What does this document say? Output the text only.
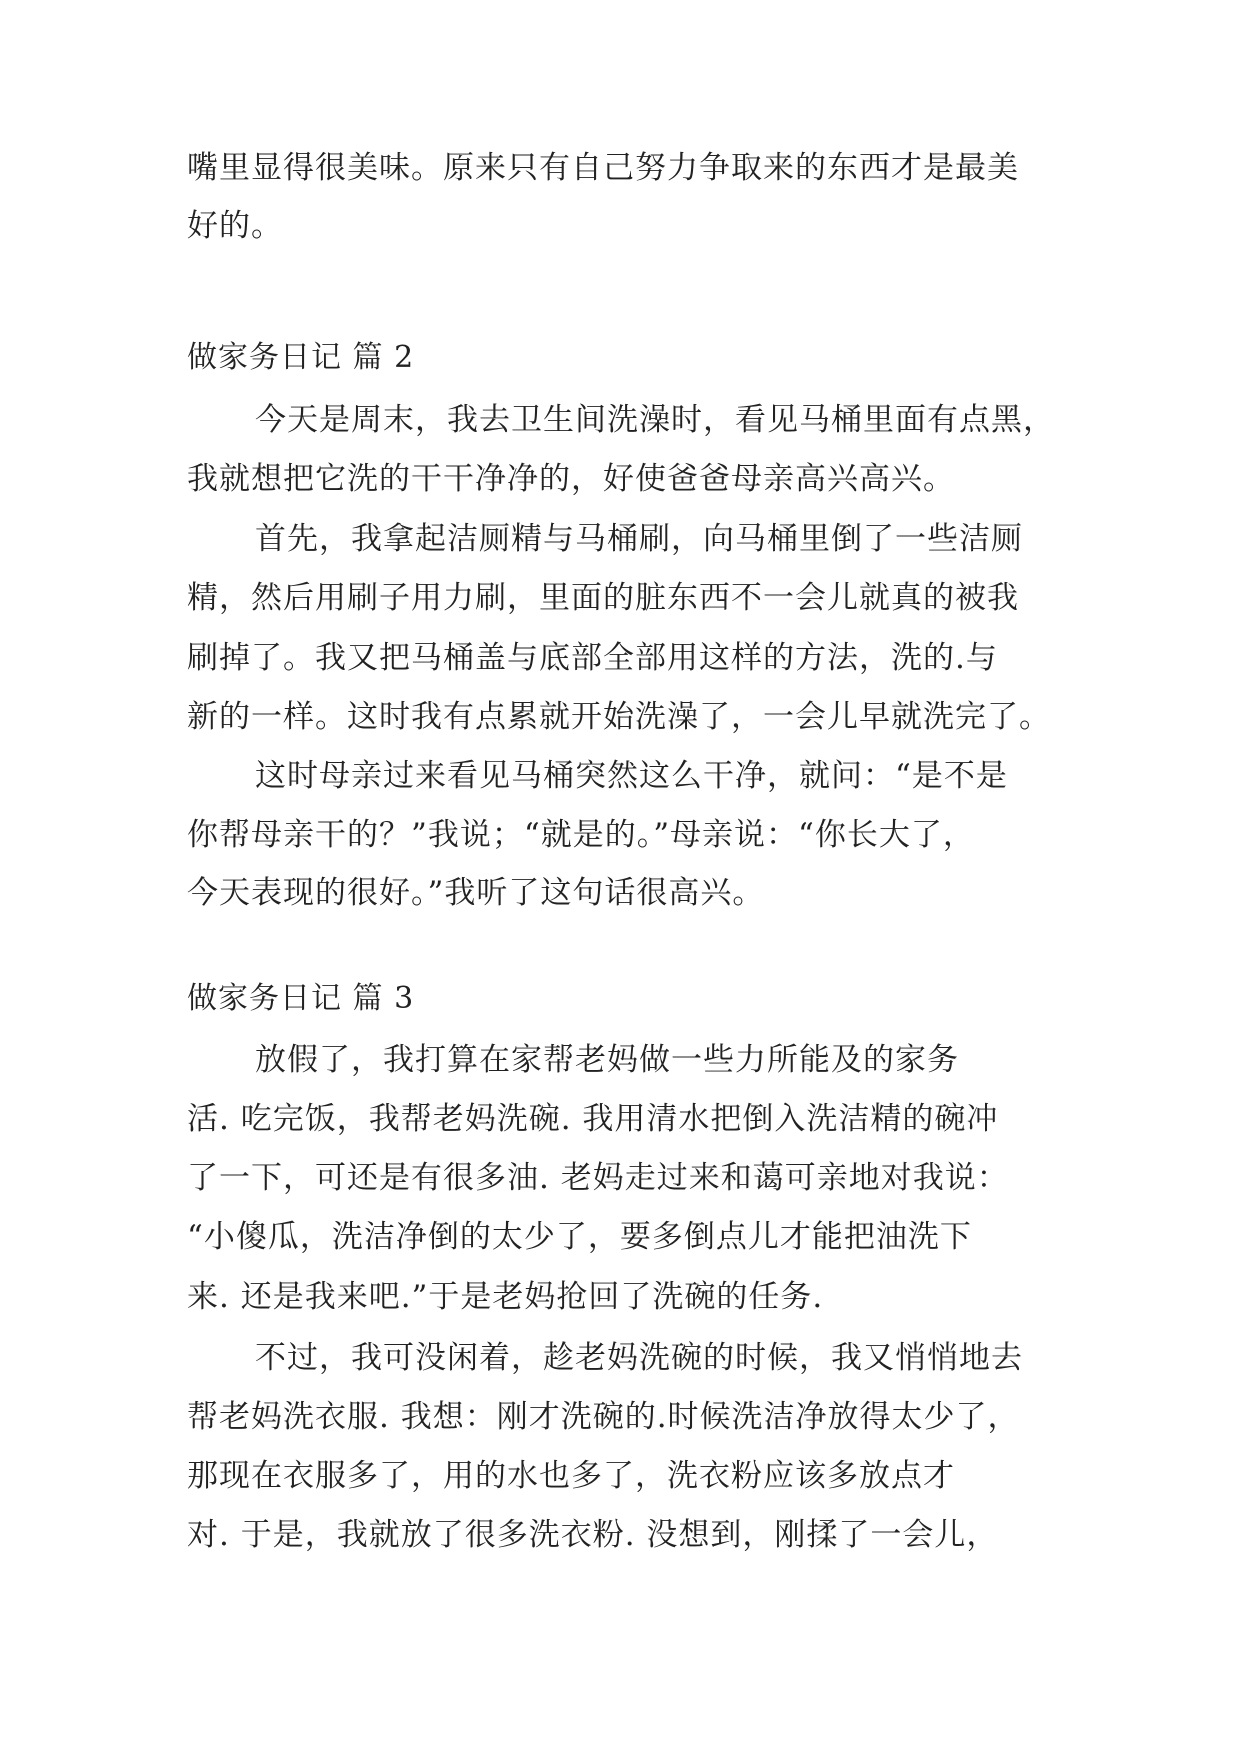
嘴里显得很美味。原来只有自己努力争取来的东西才是最美
好的。
做家务日记 篇 2
今天是周末，我去卫生间洗澡时，看见马桶里面有点黑，
我就想把它洗的干干净净的，好使爸爸母亲高兴高兴。
首先，我拿起洁厕精与马桶刷，向马桶里倒了一些洁厕
精，然后用刷子用力刷，里面的脏东西不一会儿就真的被我
刷掉了。我又把马桶盖与底部全部用这样的方法，洗的.与
新的一样。这时我有点累就开始洗澡了，一会儿早就洗完了。
这时母亲过来看见马桶突然这么干净，就问：“是不是
你帮母亲干的？”我说；“就是的。”母亲说：“你长大了，
今天表现的很好。”我听了这句话很高兴。
做家务日记 篇 3
放假了，我打算在家帮老妈做一些力所能及的家务
活. 吃完饭，我帮老妈洗碗. 我用清水把倒入洗洁精的碗冲
了一下，可还是有很多油. 老妈走过来和蔼可亲地对我说：
“小傻瓜，洗洁净倒的太少了，要多倒点儿才能把油洗下
来. 还是我来吧.”于是老妈抢回了洗碗的任务.
不过，我可没闲着，趁老妈洗碗的时候，我又悄悄地去
帮老妈洗衣服. 我想：刚才洗碗的.时候洗洁净放得太少了，
那现在衣服多了，用的水也多了，洗衣粉应该多放点才
对. 于是，我就放了很多洗衣粉. 没想到，刚揉了一会儿，
